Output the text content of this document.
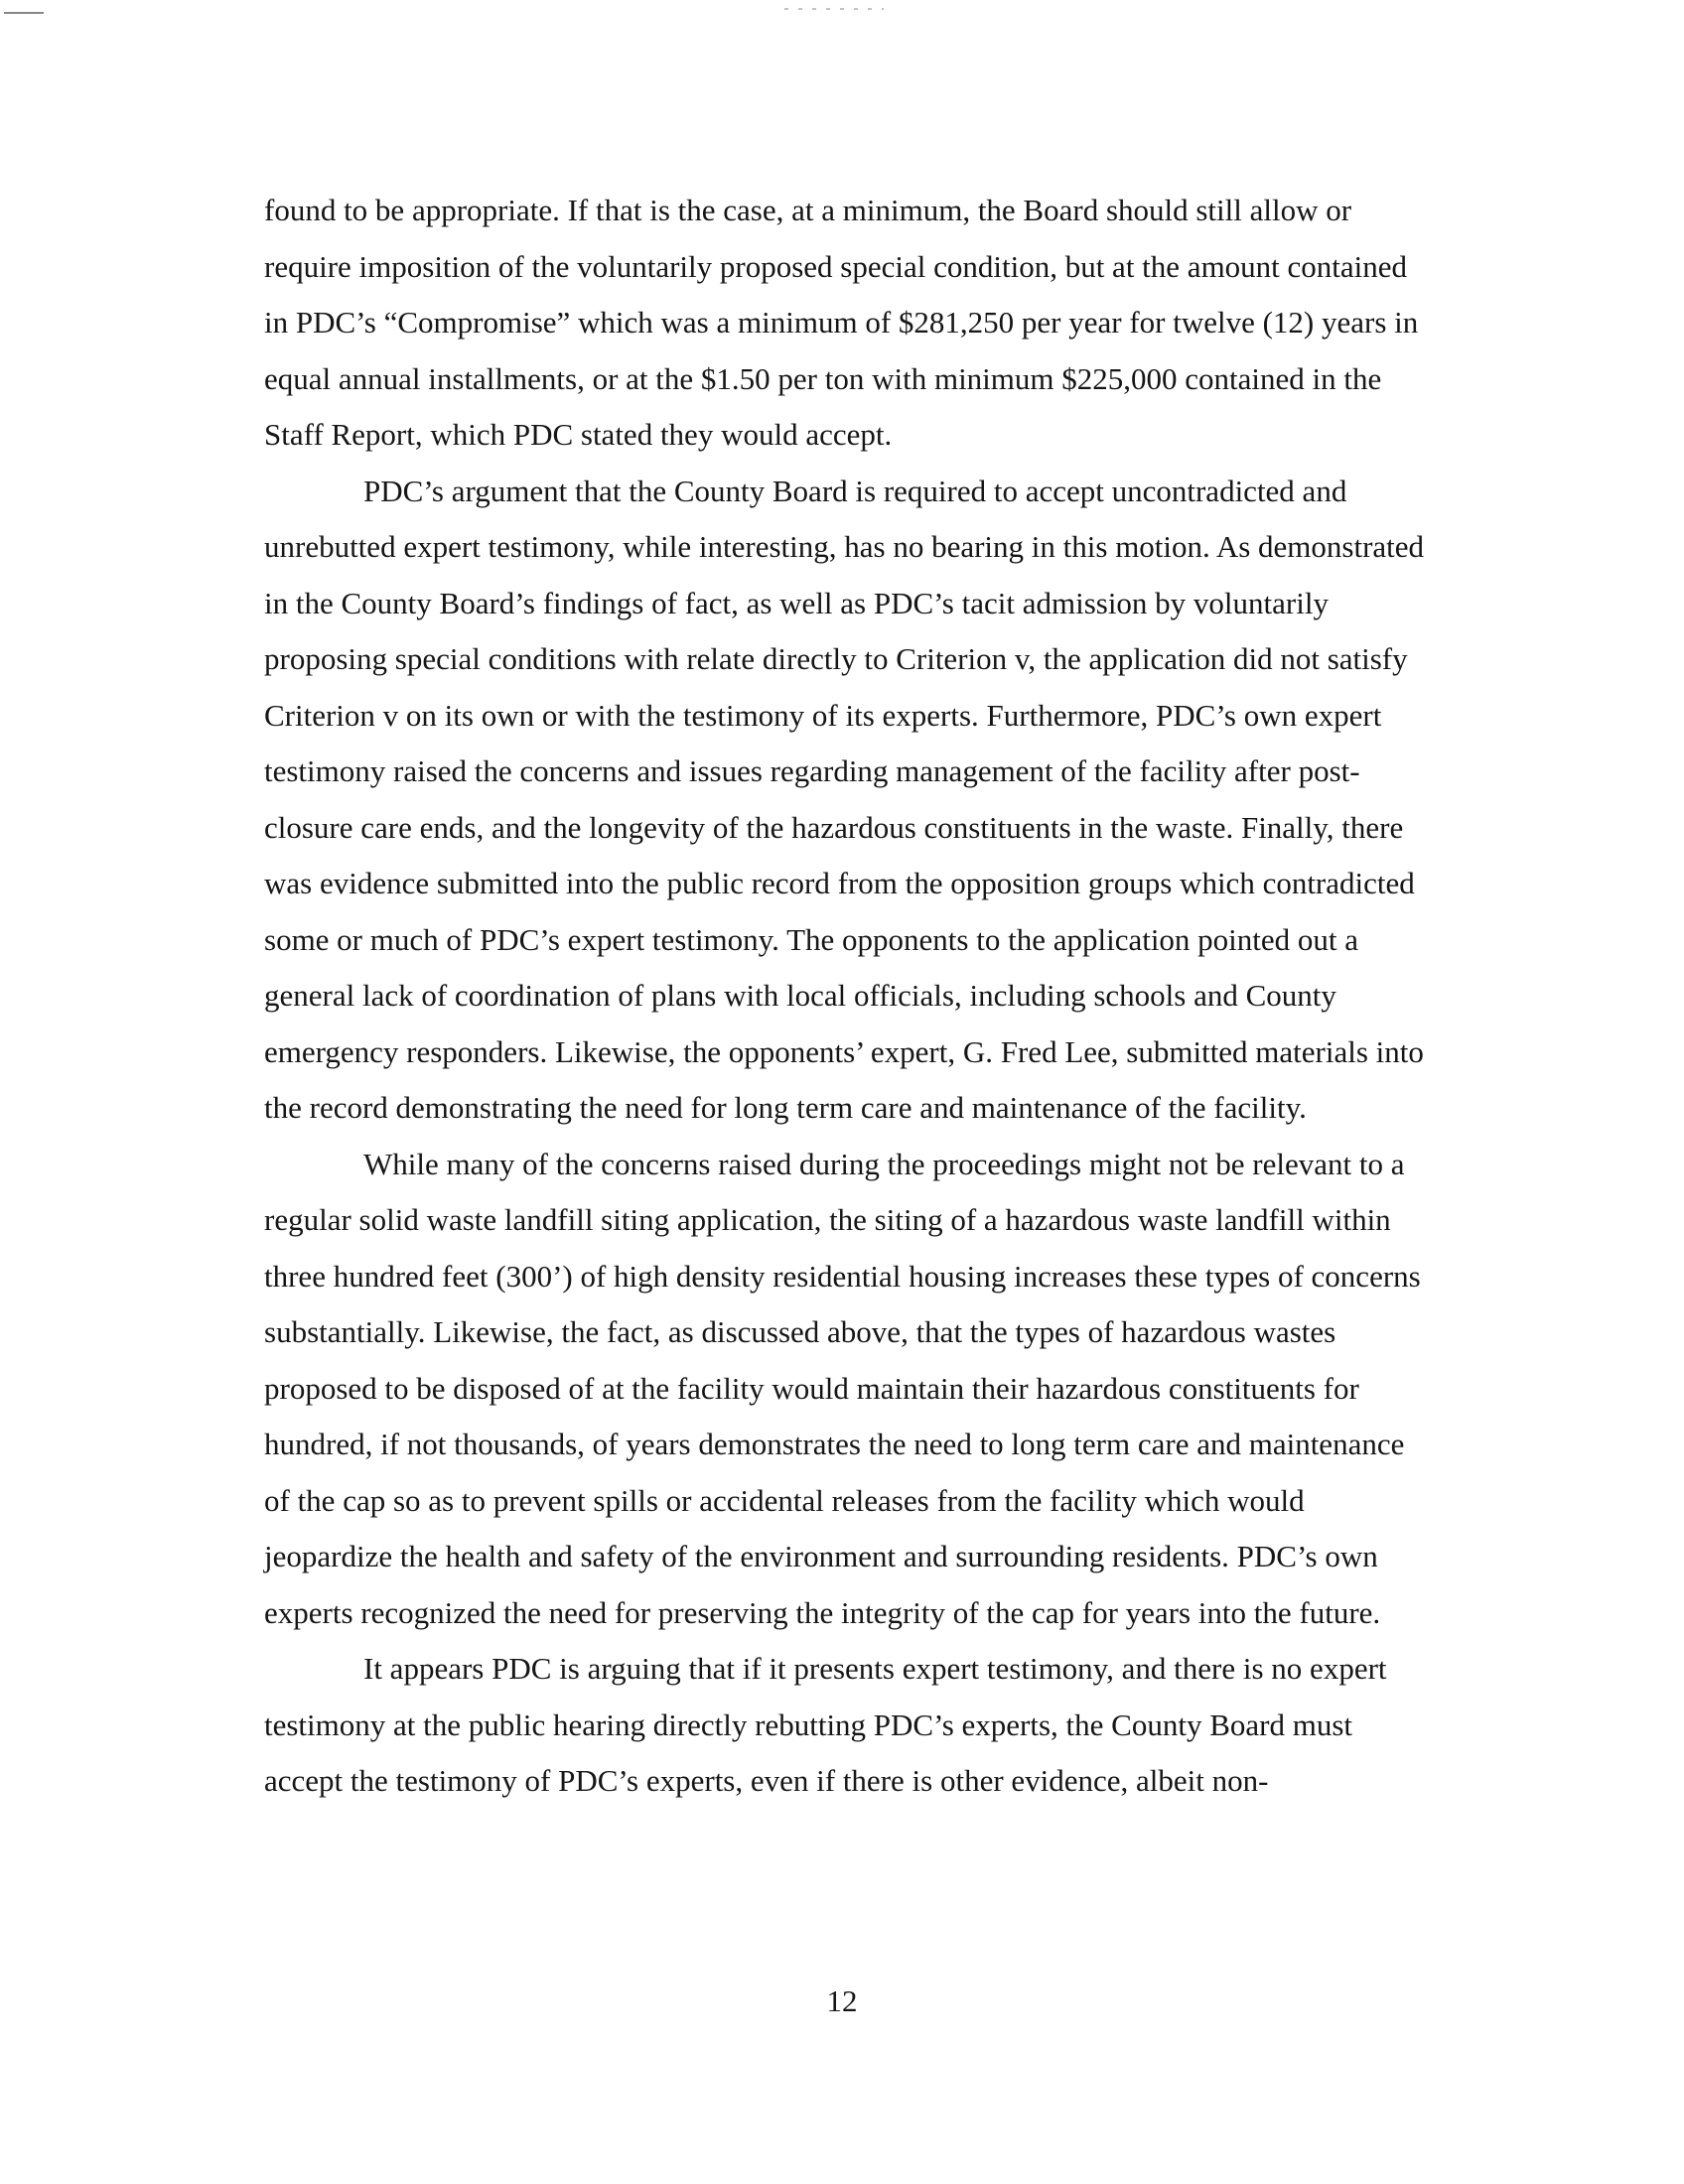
found to be appropriate. If that is the case, at a minimum, the Board should still allow or require imposition of the voluntarily proposed special condition, but at the amount contained in PDC’s “Compromise” which was a minimum of $281,250 per year for twelve (12) years in equal annual installments, or at the $1.50 per ton with minimum $225,000 contained in the Staff Report, which PDC stated they would accept.

PDC’s argument that the County Board is required to accept uncontradicted and unrebutted expert testimony, while interesting, has no bearing in this motion. As demonstrated in the County Board’s findings of fact, as well as PDC’s tacit admission by voluntarily proposing special conditions with relate directly to Criterion v, the application did not satisfy Criterion v on its own or with the testimony of its experts. Furthermore, PDC’s own expert testimony raised the concerns and issues regarding management of the facility after post-closure care ends, and the longevity of the hazardous constituents in the waste. Finally, there was evidence submitted into the public record from the opposition groups which contradicted some or much of PDC’s expert testimony. The opponents to the application pointed out a general lack of coordination of plans with local officials, including schools and County emergency responders. Likewise, the opponents’ expert, G. Fred Lee, submitted materials into the record demonstrating the need for long term care and maintenance of the facility.

While many of the concerns raised during the proceedings might not be relevant to a regular solid waste landfill siting application, the siting of a hazardous waste landfill within three hundred feet (300’) of high density residential housing increases these types of concerns substantially. Likewise, the fact, as discussed above, that the types of hazardous wastes proposed to be disposed of at the facility would maintain their hazardous constituents for hundred, if not thousands, of years demonstrates the need to long term care and maintenance of the cap so as to prevent spills or accidental releases from the facility which would jeopardize the health and safety of the environment and surrounding residents. PDC’s own experts recognized the need for preserving the integrity of the cap for years into the future.

It appears PDC is arguing that if it presents expert testimony, and there is no expert testimony at the public hearing directly rebutting PDC’s experts, the County Board must accept the testimony of PDC’s experts, even if there is other evidence, albeit non-

12
